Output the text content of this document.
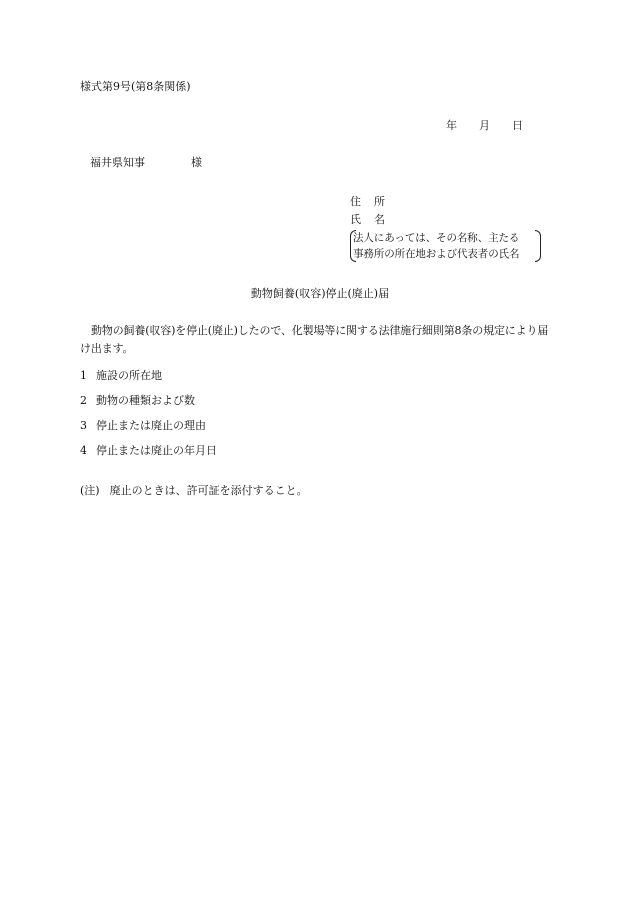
様式第9号(第8条関係)
年 月 日
福井県知事	様
住 所
氏 名
法人にあっては、その名称、主たる
事務所の所在地および代表者の氏名
動物飼養(収容)停止(廃止)届
動物の飼養(収容)を停止(廃止)したので、化製場等に関する法律施行細則第8条の規定により届け出ます。
1 施設の所在地
2 動物の種類および数
3 停止または廃止の理由
4 停止または廃止の年月日
(注) 廃止のときは、許可証を添付すること。
